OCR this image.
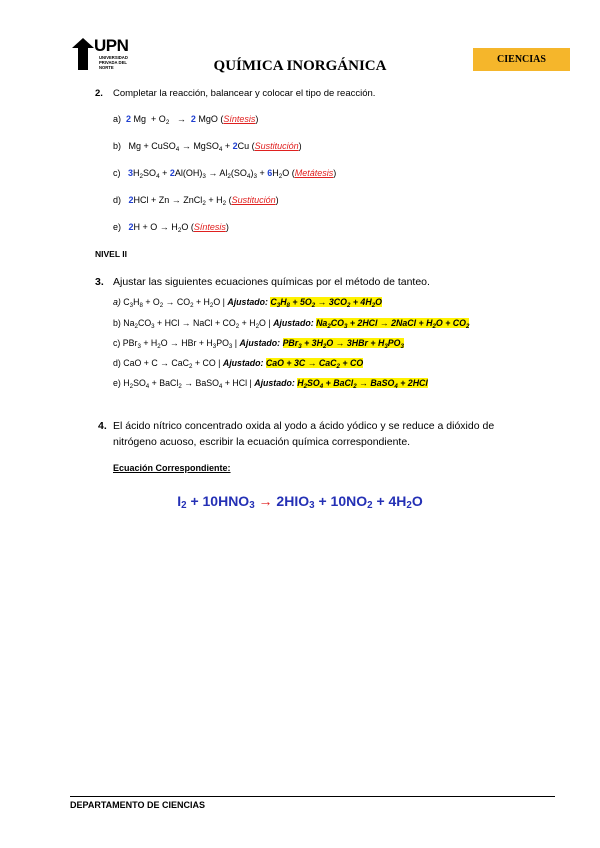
UPN
UNIVERSIDAD PRIVADA DEL NORTE	QUÍMICA INORGÁNICA	CIENCIAS
2. Completar la reacción, balancear y colocar el tipo de reacción.
a) 2 $Mg + O_2 \to 2$ MgO (Síntesis)
b)   Mg + CuSO$_4$ → MgSO$_4$ + 2Cu (Sustitución)
c) $3H_2SO_4 + 2Al(OH)_3 \to Al_2(SO_4)_3 + 6H_2O$ (Metátesis)
d) 2HCl + Zn → ZnCl$_2$ + $H_2$ (Sustitución)
e) $2H + O \to H_2O$ (Síntesis)
NIVEL II
3. Ajustar las siguientes ecuaciones químicas por el método de tanteo.
a) $C_3H_8 + O_2 \to CO_2 + H_2O$ | Ajustado: $C_3H_8 + 5O_2 \to 3CO_2 + 4H_2O$
b) $Na_2CO_3$ + HCl → NaCl + $CO_2 + H_2O$ | Ajustado: $Na_2CO_3 + 2HCl$ → 2NaCl + $H_2O + CO_2$
c) $PBr_3 + H_2O$ → HBr + $H_3PO_3$ | Ajustado: $PBr_3 + 3H_2O \to 3HBr + H_3PO_3$
d) CaO + C → CaC$_2$ + CO | Ajustado: CaO + 3C → CaC$_2$ + CO
e) $H_2SO_4$ + BaCl$_2$ → BaSO$_4$ + HCl | Ajustado: $H_2SO_4$ + BaCl$_2$ → BaSO$_4$ + 2HCl
4. El ácido nítrico concentrado oxida al yodo a ácido yódico y se reduce a dióxido de nitrógeno acuoso, escribir la ecuación química correspondiente.
Ecuación Correspondiente:
$I_2 + 10HNO_3 \to 2HIO_3 + 10NO_2 + 4H_2O$
DEPARTAMENTO DE CIENCIAS
